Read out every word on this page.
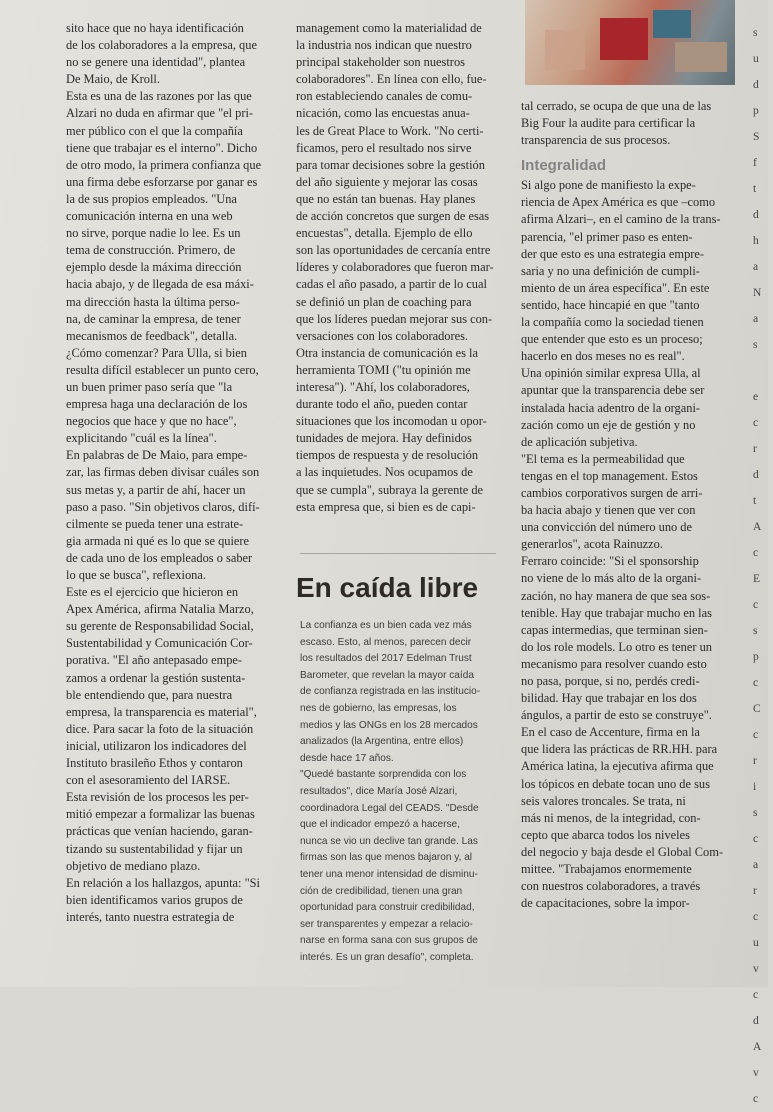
sito hace que no haya identificación
de los colaboradores a la empresa, que
no se genere una identidad", plantea
De Maio, de Kroll.
Esta es una de las razones por las que
Alzari no duda en afirmar que "el pri-
mer público con el que la compañía
tiene que trabajar es el interno". Dicho
de otro modo, la primera confianza que
una firma debe esforzarse por ganar es
la de sus propios empleados. "Una
comunicación interna en una web
no sirve, porque nadie lo lee. Es un
tema de construcción. Primero, de
ejemplo desde la máxima dirección
hacia abajo, y de llegada de esa máxi-
ma dirección hasta la última perso-
na, de caminar la empresa, de tener
mecanismos de feedback", detalla.
¿Cómo comenzar? Para Ulla, si bien
resulta difícil establecer un punto cero,
un buen primer paso sería que "la
empresa haga una declaración de los
negocios que hace y que no hace",
explicitando "cuál es la línea".
En palabras de De Maio, para empe-
zar, las firmas deben divisar cuáles son
sus metas y, a partir de ahí, hacer un
paso a paso. "Sin objetivos claros, difí-
cilmente se pueda tener una estrate-
gia armada ni qué es lo que se quiere
de cada uno de los empleados o saber
lo que se busca", reflexiona.
Este es el ejercicio que hicieron en
Apex América, afirma Natalia Marzo,
su gerente de Responsabilidad Social,
Sustentabilidad y Comunicación Cor-
porativa. "El año antepasado empe-
zamos a ordenar la gestión sustenta-
ble entendiendo que, para nuestra
empresa, la transparencia es material",
dice. Para sacar la foto de la situación
inicial, utilizaron los indicadores del
Instituto brasileño Ethos y contaron
con el asesoramiento del IARSE.
Esta revisión de los procesos les per-
mitió empezar a formalizar las buenas
prácticas que venían haciendo, garan-
tizando su sustentabilidad y fijar un
objetivo de mediano plazo.
En relación a los hallazgos, apunta: "Si
bien identificamos varios grupos de
interés, tanto nuestra estrategia de
management como la materialidad de
la industria nos indican que nuestro
principal stakeholder son nuestros
colaboradores". En línea con ello, fue-
ron estableciendo canales de comu-
nicación, como las encuestas anua-
les de Great Place to Work. "No certi-
ficamos, pero el resultado nos sirve
para tomar decisiones sobre la gestión
del año siguiente y mejorar las cosas
que no están tan buenas. Hay planes
de acción concretos que surgen de esas
encuestas", detalla. Ejemplo de ello
son las oportunidades de cercanía entre
líderes y colaboradores que fueron mar-
cadas el año pasado, a partir de lo cual
se definió un plan de coaching para
que los líderes puedan mejorar sus con-
versaciones con los colaboradores.
Otra instancia de comunicación es la
herramienta TOMI ("tu opinión me
interesa"). "Ahí, los colaboradores,
durante todo el año, pueden contar
situaciones que los incomodan u opor-
tunidades de mejora. Hay definidos
tiempos de respuesta y de resolución
a las inquietudes. Nos ocupamos de
que se cumpla", subraya la gerente de
esta empresa que, si bien es de capi-
tal cerrado, se ocupa de que una de las
Big Four la audite para certificar la
transparencia de sus procesos.
Integralidad
Si algo pone de manifiesto la expe-
riencia de Apex América es que –como
afirma Alzari–, en el camino de la trans-
parencia, "el primer paso es enten-
der que esto es una estrategia empre-
saria y no una definición de cumpli-
miento de un área específica". En este
sentido, hace hincapié en que "tanto
la compañía como la sociedad tienen
que entender que esto es un proceso;
hacerlo en dos meses no es real".
Una opinión similar expresa Ulla, al
apuntar que la transparencia debe ser
instalada hacia adentro de la organi-
zación como un eje de gestión y no
de aplicación subjetiva.
"El tema es la permeabilidad que
tengas en el top management. Estos
cambios corporativos surgen de arri-
ba hacia abajo y tienen que ver con
una convicción del número uno de
generarlos", acota Rainuzzo.
Ferraro coincide: "Si el sponsorship
no viene de lo más alto de la organi-
zación, no hay manera de que sea sos-
tenible. Hay que trabajar mucho en las
capas intermedias, que terminan sien-
do los role models. Lo otro es tener un
mecanismo para resolver cuando esto
no pasa, porque, si no, perdés credi-
bilidad. Hay que trabajar en los dos
ángulos, a partir de esto se construye".
En el caso de Accenture, firma en la
que lidera las prácticas de RR.HH. para
América latina, la ejecutiva afirma que
los tópicos en debate tocan uno de sus
seis valores troncales. Se trata, ni
más ni menos, de la integridad, con-
cepto que abarca todos los niveles
del negocio y baja desde el Global Com-
mittee. "Trabajamos enormemente
con nuestros colaboradores, a través
de capacitaciones, sobre la impor-
s
u
d
p
S
f
t
d
h
a
N
a
s

e
c
r
d
t
A
c
E
c
s
p
c
C
c
r
i
s
c
a
r
c
u
v
c
d
A
v
c
En caída libre
La confianza es un bien cada vez más
escaso. Esto, al menos, parecen decir
los resultados del 2017 Edelman Trust
Barometer, que revelan la mayor caída
de confianza registrada en las institucio-
nes de gobierno, las empresas, los
medios y las ONGs en los 28 mercados
analizados (la Argentina, entre ellos)
desde hace 17 años.
"Quedé bastante sorprendida con los
resultados", dice María José Alzari,
coordinadora Legal del CEADS. "Desde
que el indicador empezó a hacerse,
nunca se vio un declive tan grande. Las
firmas son las que menos bajaron y, al
tener una menor intensidad de disminu-
ción de credibilidad, tienen una gran
oportunidad para construir credibilidad,
ser transparentes y empezar a relacio-
narse en forma sana con sus grupos de
interés. Es un gran desafío", completa.
